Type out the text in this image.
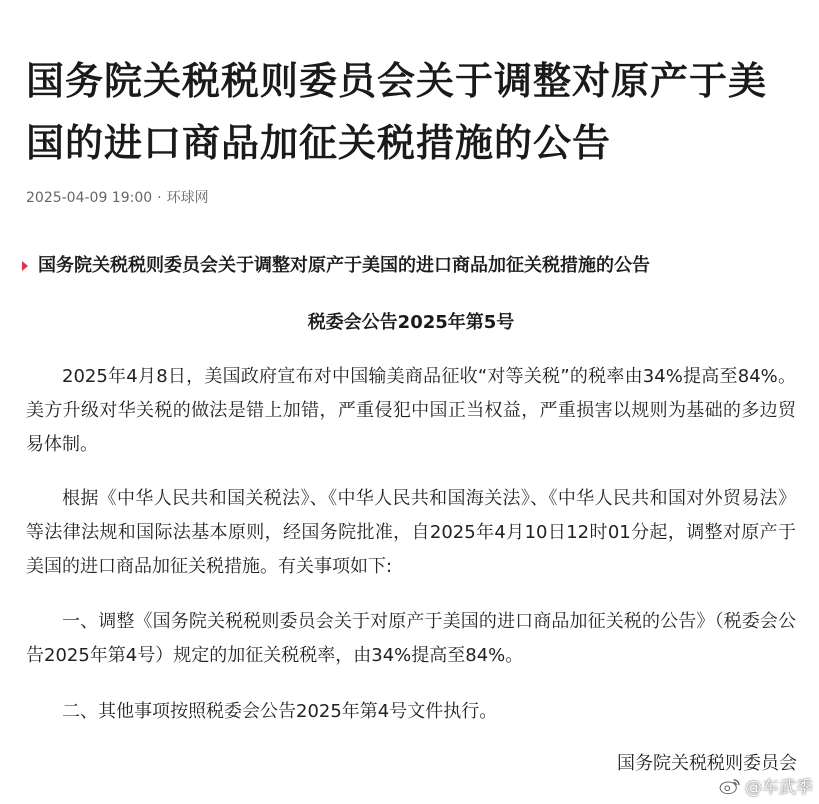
国务院关税税则委员会关于调整对原产于美国的进口商品加征关税措施的公告
2025-04-09 19:00 · 环球网
国务院关税税则委员会关于调整对原产于美国的进口商品加征关税措施的公告
税委会公告2025年第5号

2025年4月8日，美国政府宣布对中国输美商品征收“对等关税”的税率由34%提高至84%。美方升级对华关税的做法是错上加错，严重侵犯中国正当权益，严重损害以规则为基础的多边贸易体制。

根据《中华人民共和国关税法》、《中华人民共和国海关法》、《中华人民共和国对外贸易法》等法律法规和国际法基本原则，经国务院批准，自2025年4月10日12时01分起，调整对原产于美国的进口商品加征关税措施。有关事项如下:

一、调整《国务院关税税则委员会关于对原产于美国的进口商品加征关税的公告》（税委会公告2025年第4号）规定的加征关税税率，由34%提高至84%。

二、其他事项按照税委会公告2025年第4号文件执行。

国务院关税税则委员会
@车武季
